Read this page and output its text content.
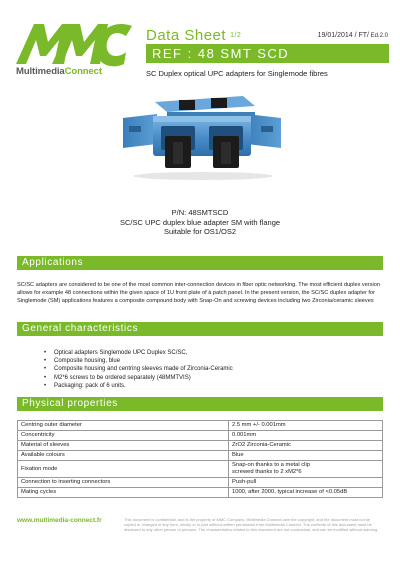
MultimediaConnect
Data Sheet $^{1/2}$	19/01/2014 / FT/ Ed.2.0
REF : 48 SMT SCD
SC Duplex optical UPC adapters for Singlemode fibres
P/N: 48SMTSCD
SC/SC UPC duplex blue adapter SM with flange
Suitable for OS1/OS2
Applications
SC/SC adapters are considered to be one of the most common inter-connection devices in fiber optic networking. The most efficient duplex version allows for example 48 connections within the given space of 1U front plate of à patch panel. In the present version, the SC/SC duplex adapter for Singlemode (SM) applications features a composite compound body with Snap-On and screwing devices including two Zirconia/ceramic sleeves
General characteristics
• Optical adapters Singlemode UPC Duplex SC/SC,
• Composite housing, blue
• Composite housing and centring sleeves made of Zirconia-Ceramic
• M2*6 screws to be ordered separately (48MMTVIS)
• Packaging: pack of 6 units.
Physical properties
Centring outer diameter	2.5 mm +/- 0.001mm
Concentricity	0.001mm
Material of sleeves	ZrO2 Zirconia-Ceramic
Available colours	Blue
Fixation mode	Snap-on thanks to a metal clip
screwed thanks to 2 xM2*6

Connection to inserting connectors	Push-pull
Mating cycles	1000, after 2000, typical increase of <0.05dB
www.multimedia-connect.fr	This document is confidential, and is the property of MMC Company. Multimedia Connect own the copyright, and the document must not be copied or changed in any form, wholly or in part without written permission from Multimedia Connect. The contents of this document must be disclosed to any other person or persons. The characteristics related to this document are not contractual, and can be modified without warning.
